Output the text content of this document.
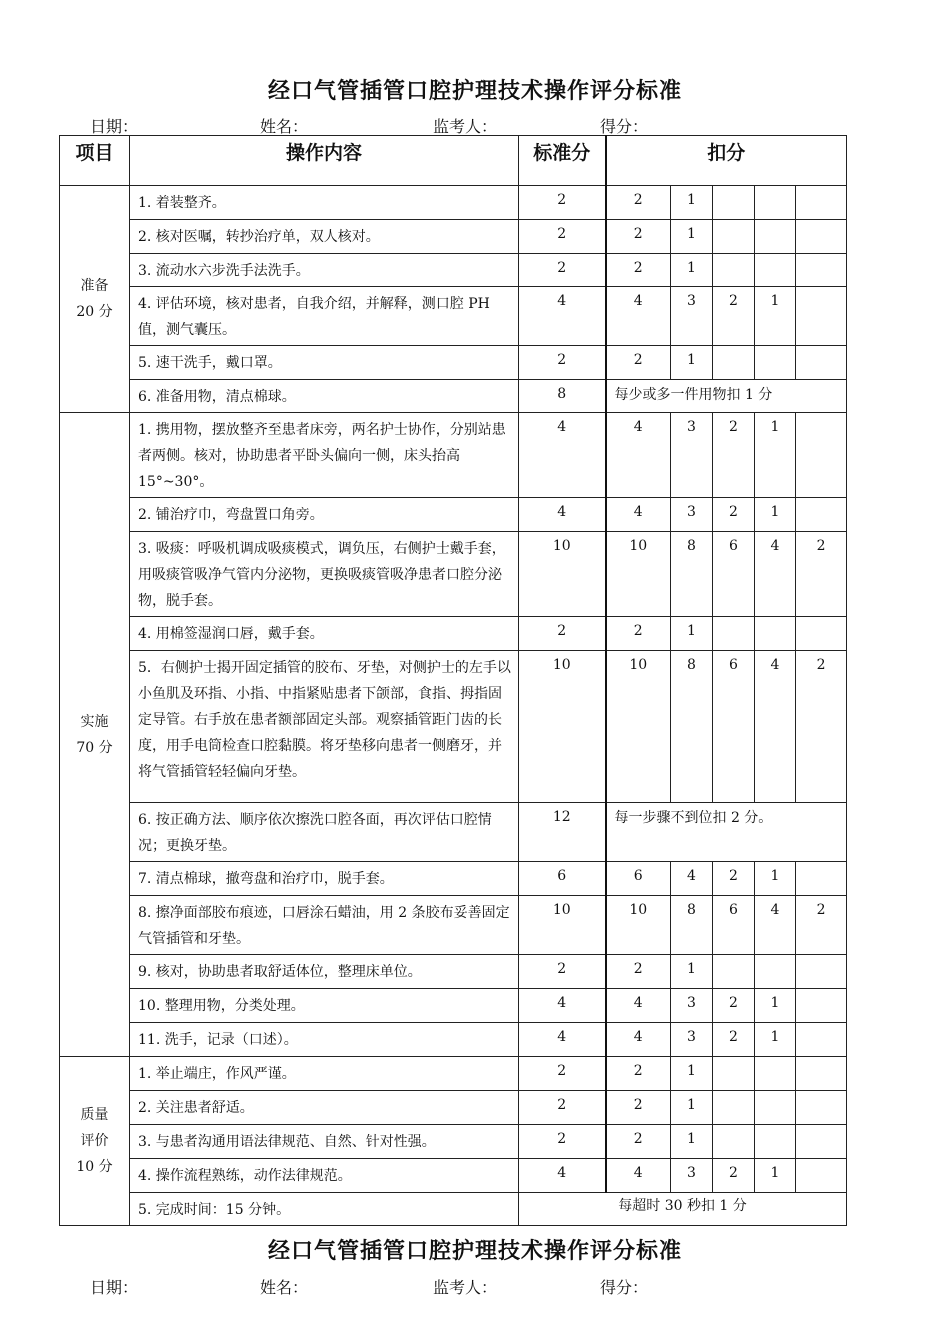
经口气管插管口腔护理技术操作评分标准
日期：	姓名：	监考人：	得分：
项目	操作内容	标准分	扣分				

准备
20 分	1. 着装整齐。	2	2	1			
	2. 核对医嘱，转抄治疗单，双人核对。	2	2	1			
	3. 流动水六步洗手法洗手。	2	2	1			
	4. 评估环境，核对患者，自我介绍，并解释，测口腔 PH 值，测气囊压。	4	4	3	2	1	
	5. 速干洗手，戴口罩。	2	2	1			
	6. 准备用物，清点棉球。	8	每少或多一件用物扣 1 分				

实施
70 分	1. 携用物，摆放整齐至患者床旁，两名护士协作，分别站患者两侧。核对，协助患者平卧头偏向一侧，床头抬高 15°~30°。	4	4	3	2	1	
	2. 铺治疗巾，弯盘置口角旁。	4	4	3	2	1	
	3. 吸痰：呼吸机调成吸痰模式，调负压，右侧护士戴手套，用吸痰管吸净气管内分泌物，更换吸痰管吸净患者口腔分泌物，脱手套。	10	10	8	6	4	2
	4. 用棉签湿润口唇，戴手套。	2	2	1			
	5．右侧护士揭开固定插管的胶布、牙垫，对侧护士的左手以小鱼肌及环指、小指、中指紧贴患者下颌部，食指、拇指固定导管。右手放在患者额部固定头部。观察插管距门齿的长度，用手电筒检查口腔黏膜。将牙垫移向患者一侧磨牙，并将气管插管轻轻偏向牙垫。	10	10	8	6	4	2
	6. 按正确方法、顺序依次擦洗口腔各面，再次评估口腔情况；更换牙垫。	12	每一步骤不到位扣 2 分。				
	7. 清点棉球，撤弯盘和治疗巾，脱手套。	6	6	4	2	1	
	8. 擦净面部胶布痕迹，口唇涂石蜡油，用 2 条胶布妥善固定气管插管和牙垫。	10	10	8	6	4	2
	9. 核对，协助患者取舒适体位，整理床单位。	2	2	1			
	10. 整理用物，分类处理。	4	4	3	2	1	
	11. 洗手，记录（口述）。	4	4	3	2	1	

质量
评价
10 分	1. 举止端庄，作风严谨。	2	2	1			
	2. 关注患者舒适。	2	2	1			
	3. 与患者沟通用语法律规范、自然、针对性强。	2	2	1			
	4. 操作流程熟练，动作法律规范。	4	4	3	2	1	
	5. 完成时间：15 分钟。	每超时 30 秒扣 1 分					
经口气管插管口腔护理技术操作评分标准
日期：	姓名：	监考人：	得分：
